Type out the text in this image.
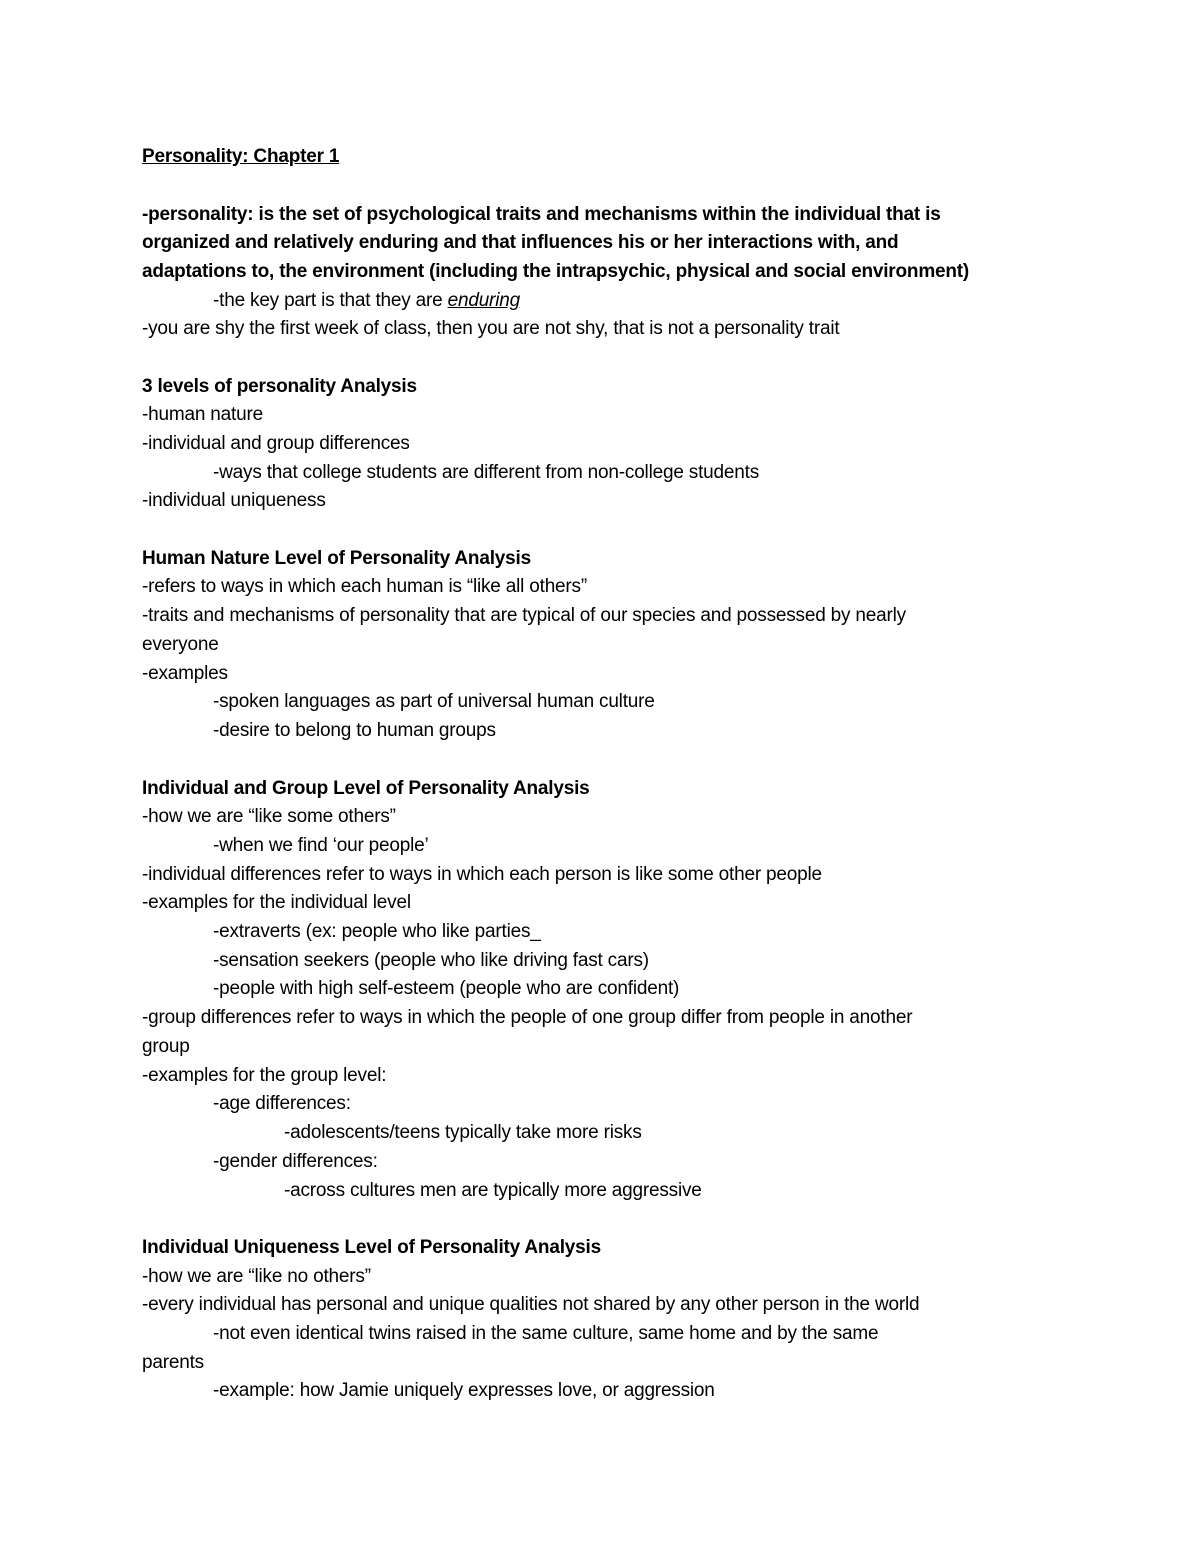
Personality: Chapter 1
-personality: is the set of psychological traits and mechanisms within the individual that is
organized and relatively enduring and that influences his or her interactions with, and
adaptations to, the environment (including the intrapsychic, physical and social environment)
-the key part is that they are enduring
-you are shy the first week of class, then you are not shy, that is not a personality trait
3 levels of personality Analysis
-human nature
-individual and group differences
-ways that college students are different from non-college students
-individual uniqueness
Human Nature Level of Personality Analysis
-refers to ways in which each human is “like all others”
-traits and mechanisms of personality that are typical of our species and possessed by nearly
everyone
-examples
-spoken languages as part of universal human culture
-desire to belong to human groups
Individual and Group Level of Personality Analysis
-how we are “like some others”
-when we find ‘our people’
-individual differences refer to ways in which each person is like some other people
-examples for the individual level
-extraverts (ex: people who like parties_
-sensation seekers (people who like driving fast cars)
-people with high self-esteem (people who are confident)
-group differences refer to ways in which the people of one group differ from people in another
group
-examples for the group level:
-age differences:
-adolescents/teens typically take more risks
-gender differences:
-across cultures men are typically more aggressive
Individual Uniqueness Level of Personality Analysis
-how we are “like no others”
-every individual has personal and unique qualities not shared by any other person in the world
-not even identical twins raised in the same culture, same home and by the same
parents
-example: how Jamie uniquely expresses love, or aggression
